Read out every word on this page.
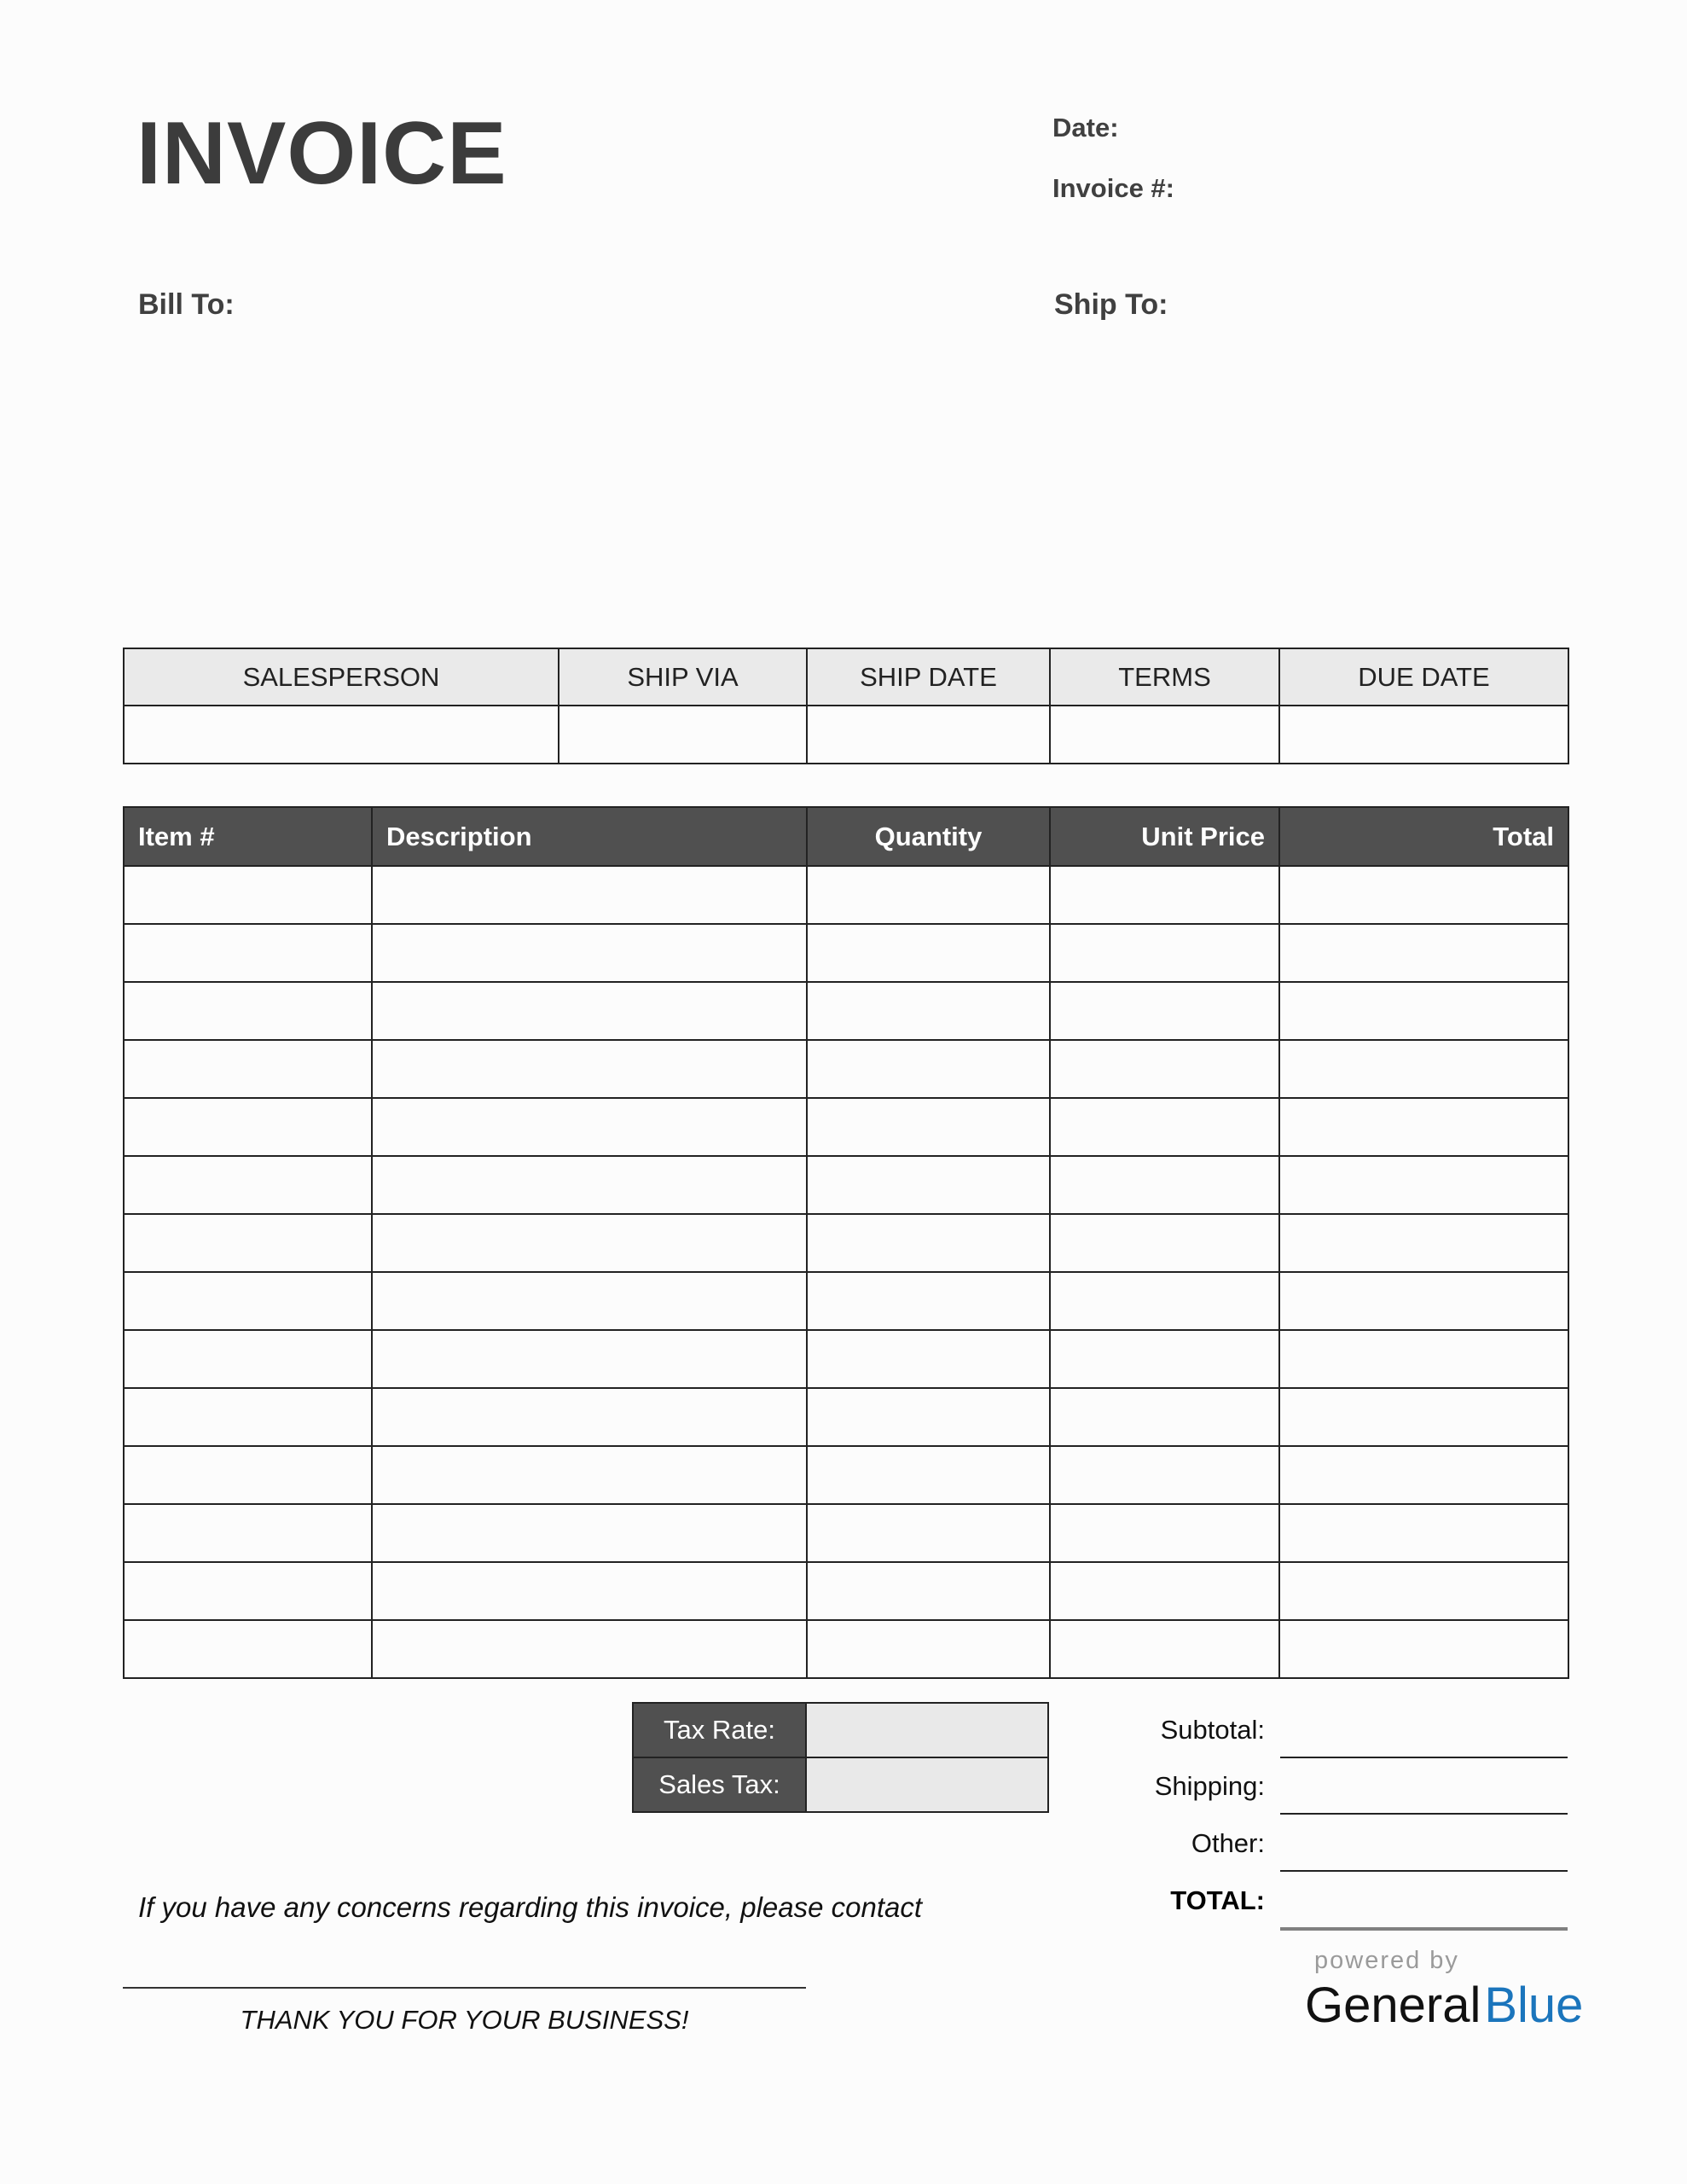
INVOICE	Date:
Invoice #:
Bill To:	Ship To:
SALESPERSON	SHIP VIA	SHIP DATE	TERMS	DUE DATE

Item #	Description	Quantity	Unit Price	Total

Tax Rate:	
Sales Tax:	
Subtotal:
Shipping:
Other:
TOTAL:
If you have any concerns regarding this invoice, please contact
THANK YOU FOR YOUR BUSINESS!
powered by
GeneralBlue
